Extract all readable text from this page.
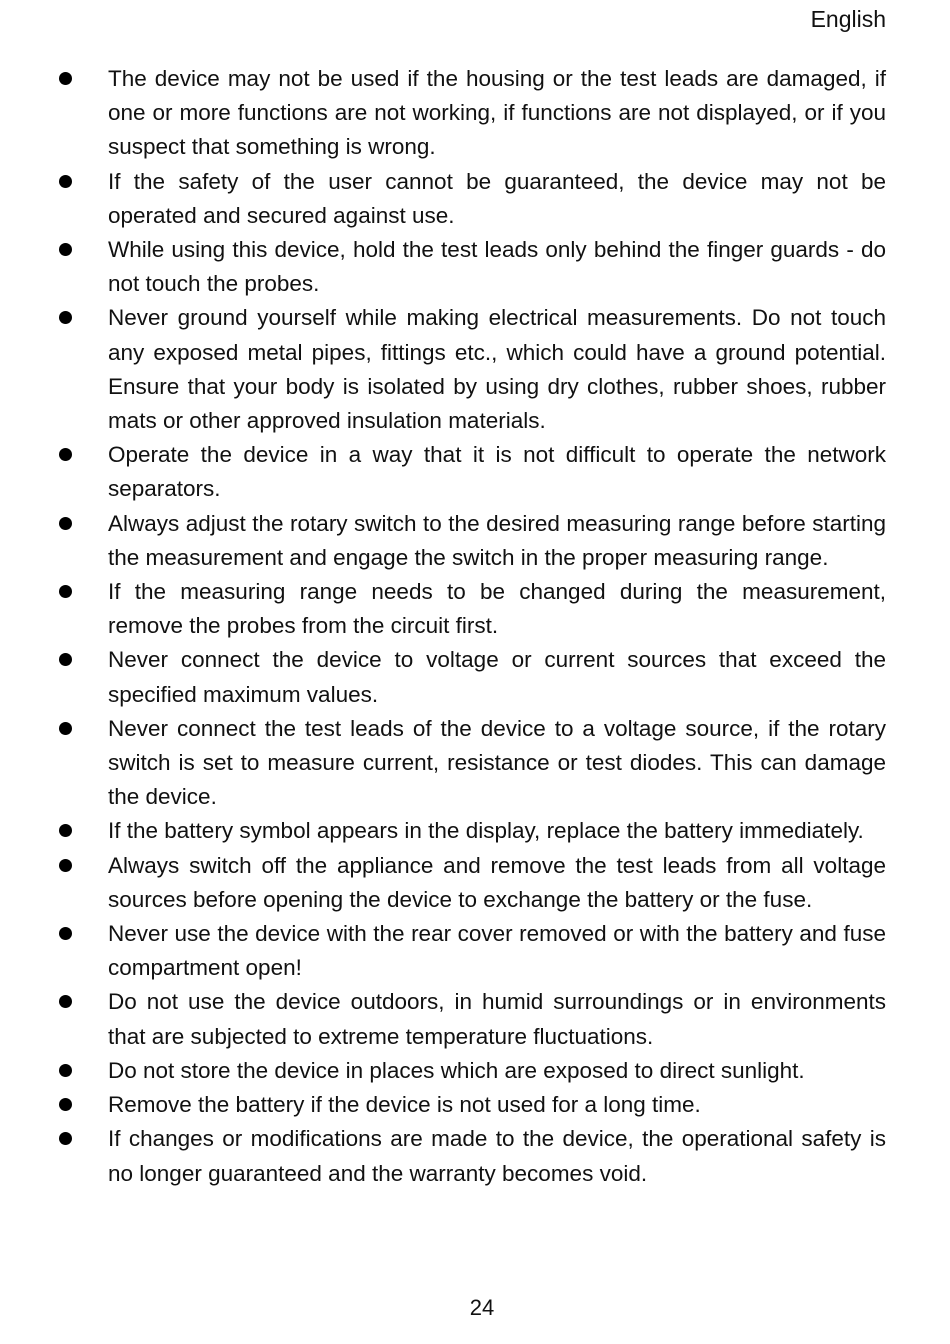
English
The device may not be used if the housing or the test leads are damaged, if one or more functions are not working, if functions are not displayed, or if you suspect that something is wrong.
If the safety of the user cannot be guaranteed, the device may not be operated and secured against use.
While using this device, hold the test leads only behind the finger guards - do not touch the probes.
Never ground yourself while making electrical measurements. Do not touch any exposed metal pipes, fittings etc., which could have a ground potential. Ensure that your body is isolated by using dry clothes, rubber shoes, rubber mats or other approved insulation materials.
Operate the device in a way that it is not difficult to operate the network separators.
Always adjust the rotary switch to the desired measuring range before starting the measurement and engage the switch in the proper measuring range.
If the measuring range needs to be changed during the measurement, remove the probes from the circuit first.
Never connect the device to voltage or current sources that exceed the specified maximum values.
Never connect the test leads of the device to a voltage source, if the rotary switch is set to measure current, resistance or test diodes. This can damage the device.
If the battery symbol appears in the display, replace the battery immediately.
Always switch off the appliance and remove the test leads from all voltage sources before opening the device to exchange the battery or the fuse.
Never use the device with the rear cover removed or with the battery and fuse compartment open!
Do not use the device outdoors, in humid surroundings or in environments that are subjected to extreme temperature fluctuations.
Do not store the device in places which are exposed to direct sunlight.
Remove the battery if the device is not used for a long time.
If changes or modifications are made to the device, the operational safety is no longer guaranteed and the warranty becomes void.
24
